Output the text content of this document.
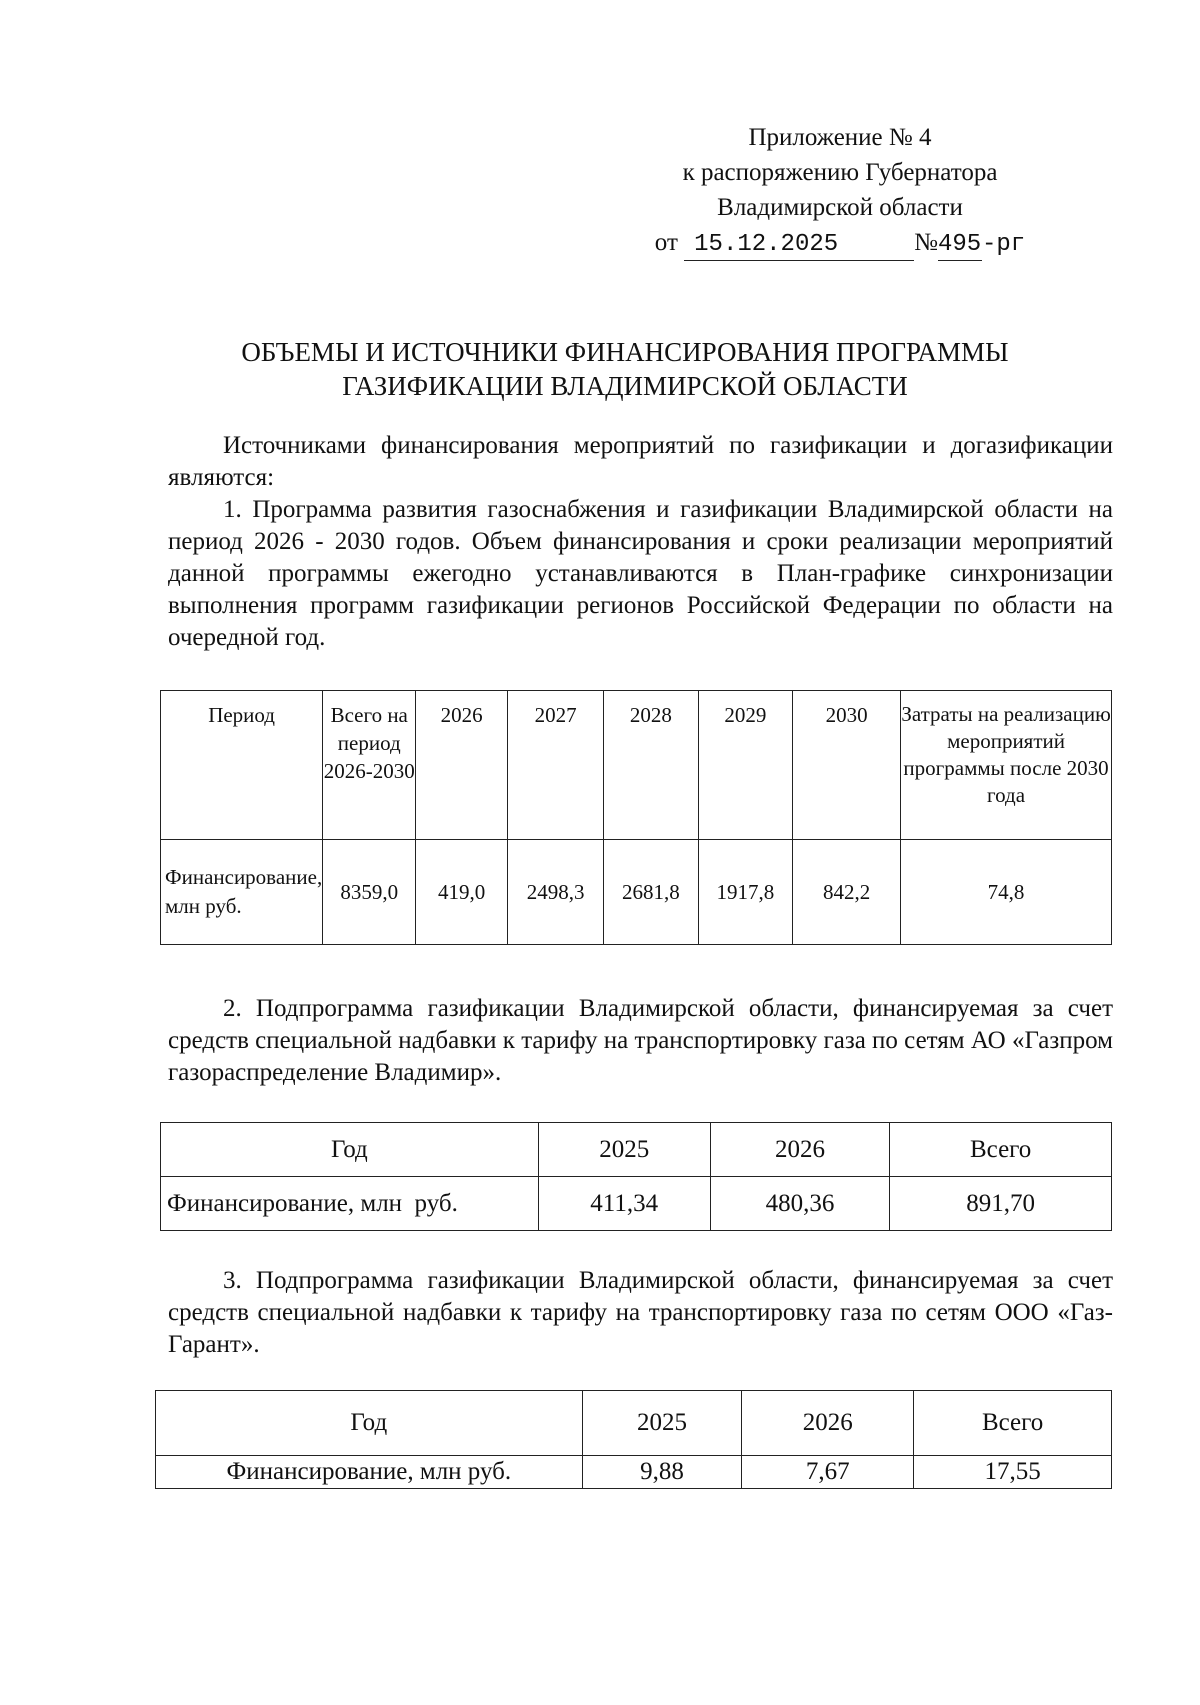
Приложение № 4
к распоряжению Губернатора
Владимирской области
от 15.12.2025	№495-рг
ОБЪЕМЫ И ИСТОЧНИКИ ФИНАНСИРОВАНИЯ ПРОГРАММЫ
ГАЗИФИКАЦИИ ВЛАДИМИРСКОЙ ОБЛАСТИ

Источниками финансирования мероприятий по газификации и догазификации являются:

1. Программа развития газоснабжения и газификации Владимирской области на период 2026 - 2030 годов. Объем финансирования и сроки реализации мероприятий данной программы ежегодно устанавливаются в План-графике синхронизации выполнения программ газификации регионов Российской Федерации по области на очередной год.

Период	Всего на период 2026-2030	2026	2027	2028	2029	2030	Затраты на реализацию мероприятий программы после 2030 года
Финансирование, млн руб.	8359,0	419,0	2498,3	2681,8	1917,8	842,2	74,8

2. Подпрограмма газификации Владимирской области, финансируемая за счет средств специальной надбавки к тарифу на транспортировку газа по сетям АО «Газпром газораспределение Владимир».

Год	2025	2026	Всего
Финансирование, млн  руб.	411,34	480,36	891,70

3. Подпрограмма газификации Владимирской области, финансируемая за счет средств специальной надбавки к тарифу на транспортировку газа по сетям ООО «Газ-Гарант».

Год	2025	2026	Всего
Финансирование, млн руб.	9,88	7,67	17,55
